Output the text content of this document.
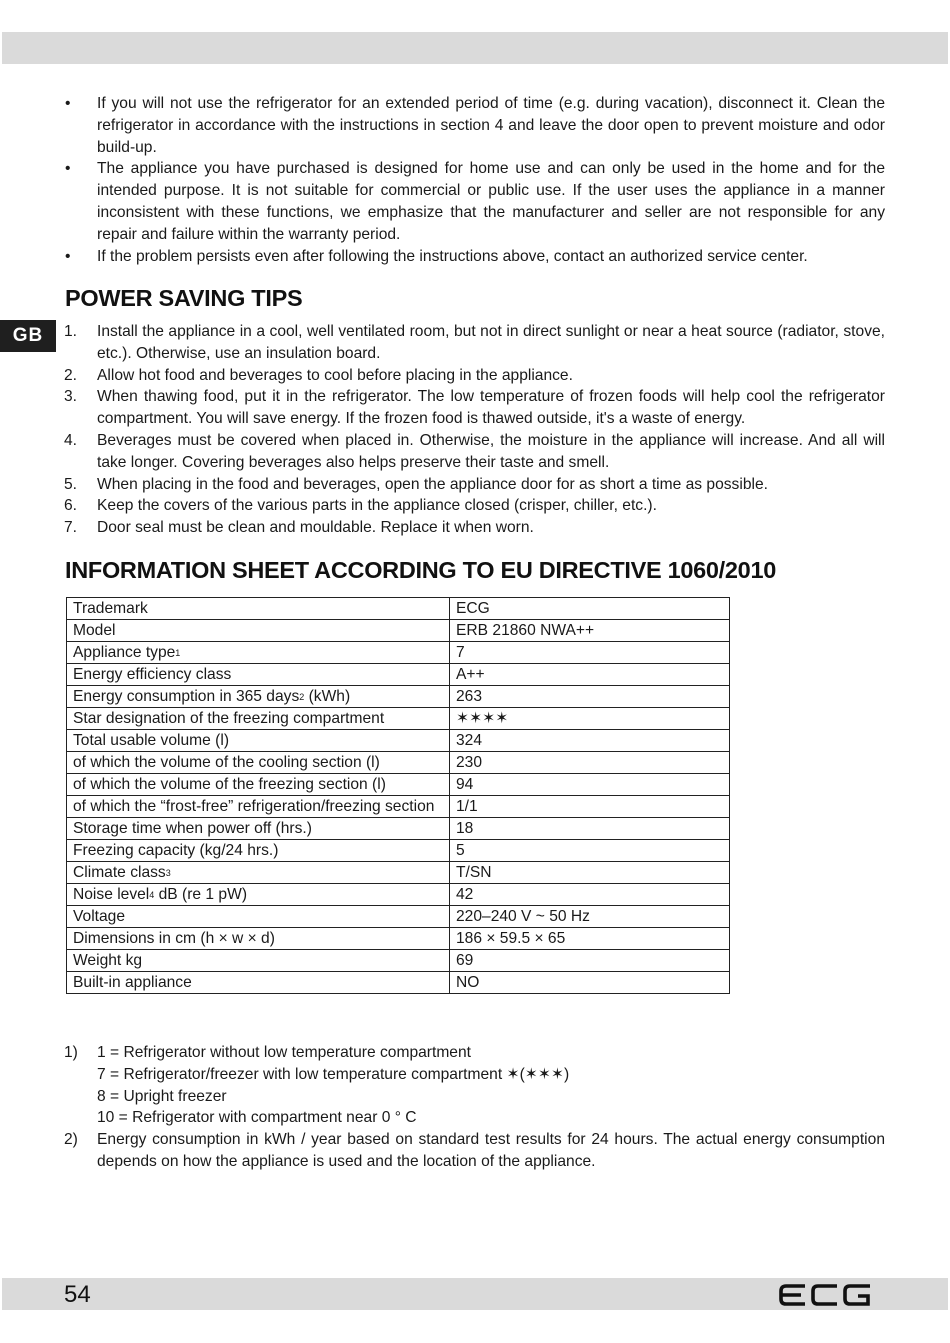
GB
•	If you will not use the refrigerator for an extended period of time (e.g. during vacation), disconnect it. Clean the refrigerator in accordance with the instructions in section 4 and leave the door open to prevent moisture and odor build-up.
•	The appliance you have purchased is designed for home use and can only be used in the home and for the intended purpose. It is not suitable for commercial or public use. If the user uses the appliance in a manner inconsistent with these functions, we emphasize that the manufacturer and seller are not responsible for any repair and failure within the warranty period.
•	If the problem persists even after following the instructions above, contact an authorized service center.
POWER SAVING TIPS
1.	Install the appliance in a cool, well ventilated room, but not in direct sunlight or near a heat source (radiator, stove, etc.). Otherwise, use an insulation board.
2.	Allow hot food and beverages to cool before placing in the appliance.
3.	When thawing food, put it in the refrigerator. The low temperature of frozen foods will help cool the refrigerator compartment. You will save energy. If the frozen food is thawed outside, it's a waste of energy.
4.	Beverages must be covered when placed in. Otherwise, the moisture in the appliance will increase. And all will take longer. Covering beverages also helps preserve their taste and smell.
5.	When placing in the food and beverages, open the appliance door for as short a time as possible.
6.	Keep the covers of the various parts in the appliance closed (crisper, chiller, etc.).
7.	Door seal must be clean and mouldable. Replace it when worn.
INFORMATION SHEET ACCORDING TO EU DIRECTIVE 1060/2010
Trademark	ECG
Model	ERB 21860 NWA++
Appliance type$^1$	7
Energy efficiency class	A++
Energy consumption in 365 days$^2$ (kWh)	263
Star designation of the freezing compartment	✶✶✶✶
Total usable volume (l)	324
of which the volume of the cooling section (l)	230
of which the volume of the freezing section (l)	94
of which the “frost-free” refrigeration/freezing section	1/1
Storage time when power off (hrs.)	18
Freezing capacity (kg/24 hrs.)	5
Climate class$^3$	T/SN
Noise level$^4$ dB (re 1 pW)	42
Voltage	220–240 V ~ 50 Hz
Dimensions in cm (h × w × d)	186 × 59.5 × 65
Weight kg	69
Built-in appliance	NO
1)	1 = Refrigerator without low temperature compartment
7 = Refrigerator/freezer with low temperature compartment ✶(✶✶✶)
8 = Upright freezer
10 = Refrigerator with compartment near 0 ° C
2)	Energy consumption in kWh / year based on standard test results for 24 hours. The actual energy consumption depends on how the appliance is used and the location of the appliance.
54
